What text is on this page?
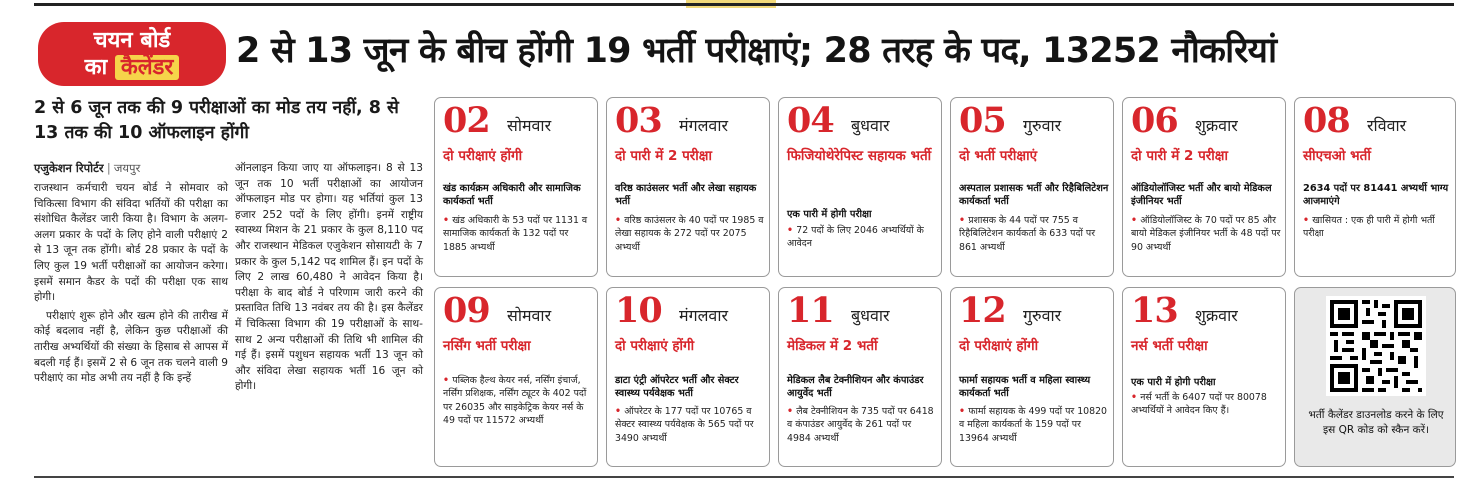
चयन बोर्ड
का कैलेंडर	2 से 13 जून के बीच होंगी 19 भर्ती परीक्षाएं; 28 तरह के पद, 13252 नौकरियां
2 से 6 जून तक की 9 परीक्षाओं का मोड तय नहीं, 8 से 13 तक की 10 ऑफलाइन होंगी
एजुकेशन रिपोर्टर | जयपुर

राजस्थान कर्मचारी चयन बोर्ड ने सोमवार को चिकित्सा विभाग की संविदा भर्तियों की परीक्षा का संशोधित कैलेंडर जारी किया है। विभाग के अलग-अलग प्रकार के पदों के लिए होने वाली परीक्षाएं 2 से 13 जून तक होंगी। बोर्ड 28 प्रकार के पदों के लिए कुल 19 भर्ती परीक्षाओं का आयोजन करेगा। इसमें समान कैडर के पदों की परीक्षा एक साथ होगी।

परीक्षाएं शुरू होने और खत्म होने की तारीख में कोई बदलाव नहीं है, लेकिन कुछ परीक्षाओं की तारीख अभ्यर्थियों की संख्या के हिसाब से आपस में बदली गई हैं। इसमें 2 से 6 जून तक चलने वाली 9 परीक्षाएं का मोड अभी तय नहीं है कि इन्हें

ऑनलाइन किया जाए या ऑफलाइन। 8 से 13 जून तक 10 भर्ती परीक्षाओं का आयोजन ऑफलाइन मोड पर होगा। यह भर्तियां कुल 13 हजार 252 पदों के लिए होंगी। इनमें राष्ट्रीय स्वास्थ्य मिशन के 21 प्रकार के कुल 8,110 पद और राजस्थान मेडिकल एजुकेशन सोसायटी के 7 प्रकार के कुल 5,142 पद शामिल हैं। इन पदों के लिए 2 लाख 60,480 ने आवेदन किया है। परीक्षा के बाद बोर्ड ने परिणाम जारी करने की प्रस्तावित तिथि 13 नवंबर तय की है। इस कैलेंडर में चिकित्सा विभाग की 19 परीक्षाओं के साथ-साथ 2 अन्य परीक्षाओं की तिथि भी शामिल की गई हैं। इसमें पशुधन सहायक भर्ती 13 जून को और संविदा लेखा सहायक भर्ती 16 जून को होगी।

02 सोमवार
दो परीक्षाएं होंगी
खंड कार्यक्रम अधिकारी और सामाजिक कार्यकर्ता भर्ती
• खंड अधिकारी के 53 पदों पर 1131 व सामाजिक कार्यकर्ता के 132 पदों पर 1885 अभ्यर्थी
03 मंगलवार
दो पारी में 2 परीक्षा
वरिष्ठ काउंसलर भर्ती और लेखा सहायक भर्ती
• वरिष्ठ काउंसलर के 40 पदों पर 1985 व लेखा सहायक के 272 पदों पर 2075 अभ्यर्थी
04 बुधवार
फिजियोथेरेपिस्ट सहायक भर्ती
एक पारी में होगी परीक्षा
• 72 पदों के लिए 2046 अभ्यर्थियों के आवेदन
05 गुरुवार
दो भर्ती परीक्षाएं
अस्पताल प्रशासक भर्ती और रिहैबिलिटेशन कार्यकर्ता भर्ती
• प्रशासक के 44 पदों पर 755 व रिहैबिलिटेशन कार्यकर्ता के 633 पदों पर 861 अभ्यर्थी
06 शुक्रवार
दो पारी में 2 परीक्षा
ऑडियोलॉजिस्ट भर्ती और बायो मेडिकल इंजीनियर भर्ती
• ऑडियोलॉजिस्ट के 70 पदों पर 85 और बायो मेडिकल इंजीनियर भर्ती के 48 पदों पर 90 अभ्यर्थी
08 रविवार
सीएचओ भर्ती
2634 पदों पर 81441 अभ्यर्थी भाग्य आजमाएंगे
• खासियत : एक ही पारी में होगी भर्ती परीक्षा
09 सोमवार
नर्सिंग भर्ती परीक्षा
• पब्लिक हैल्थ केयर नर्स, नर्सिंग इंचार्ज, नर्सिंग प्रशिक्षक, नर्सिंग ट्यूटर के 402 पदों पर 26035 और साइकेट्रिक केयर नर्स के 49 पदों पर 11572 अभ्यर्थी
10 मंगलवार
दो परीक्षाएं होंगी
डाटा एंट्री ऑपरेटर भर्ती और सेक्टर स्वास्थ्य पर्यवेक्षक भर्ती
• ऑपरेटर के 177 पदों पर 10765 व सेक्टर स्वास्थ्य पर्यवेक्षक के 565 पदों पर 3490 अभ्यर्थी
11 बुधवार
मेडिकल में 2 भर्ती
मेडिकल लैब टेक्नीशियन और कंपाउंडर आयुर्वेद भर्ती
• लैब टेक्नीशियन के 735 पदों पर 6418 व कंपाउंडर आयुर्वेद के 261 पदों पर 4984 अभ्यर्थी
12 गुरुवार
दो परीक्षाएं होंगी
फार्मा सहायक भर्ती व महिला स्वास्थ्य कार्यकर्ता भर्ती
• फार्मा सहायक के 499 पदों पर 10820 व महिला कार्यकर्ता के 159 पदों पर 13964 अभ्यर्थी
13 शुक्रवार
नर्स भर्ती परीक्षा
एक पारी में होगी परीक्षा
• नर्स भर्ती के 6407 पदों पर 80078 अभ्यर्थियों ने आवेदन किए हैं।	भर्ती कैलेंडर डाउनलोड करने के लिए इस QR कोड को स्कैन करें।
